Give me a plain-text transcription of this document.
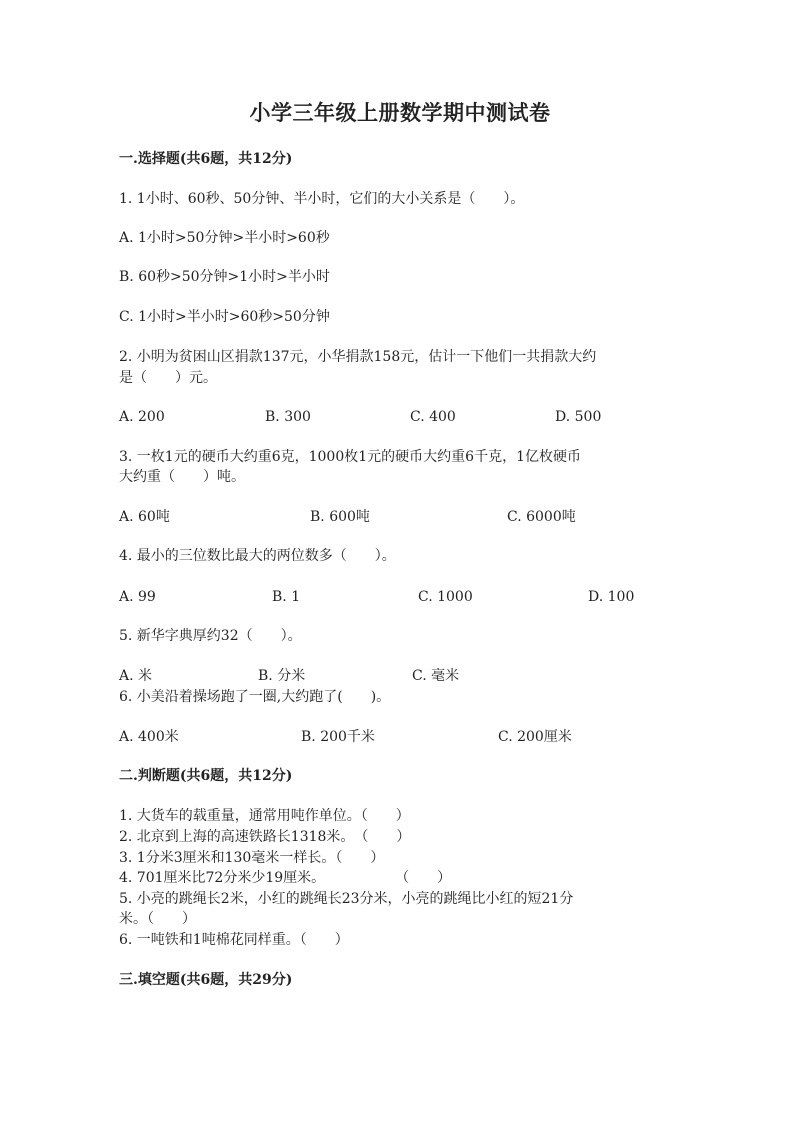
小学三年级上册数学期中测试卷
一.选择题(共6题，共12分)
1. 1小时、60秒、50分钟、半小时，它们的大小关系是（　　）。
A. 1小时>50分钟>半小时>60秒
B. 60秒>50分钟>1小时>半小时
C. 1小时>半小时>60秒>50分钟
2. 小明为贫困山区捐款137元，小华捐款158元，估计一下他们一共捐款大约
是（　　）元。
A. 200	B. 300	C. 400	D. 500
3. 一枚1元的硬币大约重6克，1000枚1元的硬币大约重6千克，1亿枚硬币
大约重（　　）吨。
A. 60吨	B. 600吨	C. 6000吨
4. 最小的三位数比最大的两位数多（　　）。
A. 99	B. 1	C. 1000	D. 100
5. 新华字典厚约32（　　）。
A. 米	B. 分米	C. 毫米
6. 小美沿着操场跑了一圈,大约跑了(　　)。
A. 400米	B. 200千米	C. 200厘米
二.判断题(共6题，共12分)
1. 大货车的载重量，通常用吨作单位。（　　）
2. 北京到上海的高速铁路长1318米。　（　　）
3. 1分米3厘米和130毫米一样长。（　　）
4. 701厘米比72分米少19厘米。　　　　　　（　　）
5. 小亮的跳绳长2米，小红的跳绳长23分米，小亮的跳绳比小红的短21分
米。（　　）
6. 一吨铁和1吨棉花同样重。（　　）
三.填空题(共6题，共29分)
